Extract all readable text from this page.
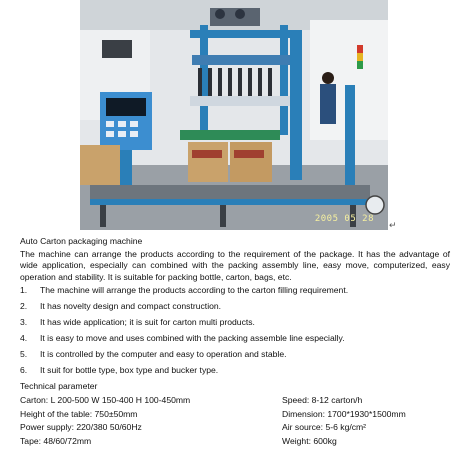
2005 05 28
↵
Auto Carton packaging machine
The machine can arrange the products according to the requirement of the package. It has the advantage of wide application, especially can combined with the packing assembly line, easy move, computerized, easy operation and stability. It is suitable for packing bottle, carton, bags, etc.
1.	The machine will arrange the products according to the carton filling requirement.
2.	It has novelty design and compact construction.
3.	It has wide application; it is suit for carton multi products.
4.	It is easy to move and uses combined with the packing assemble line especially.
5.	It is controlled by the computer and easy to operation and stable.
6.	It suit for bottle type, box type and bucker type.
Technical parameter
Carton: L 200-500 W 150-400 H 100-450mm	Speed: 8-12 carton/h
Height of the table: 750±50mm	Dimension: 1700*1930*1500mm
Power supply: 220/380 50/60Hz	Air source: 5-6 kg/cm²
Tape: 48/60/72mm	Weight: 600kg
